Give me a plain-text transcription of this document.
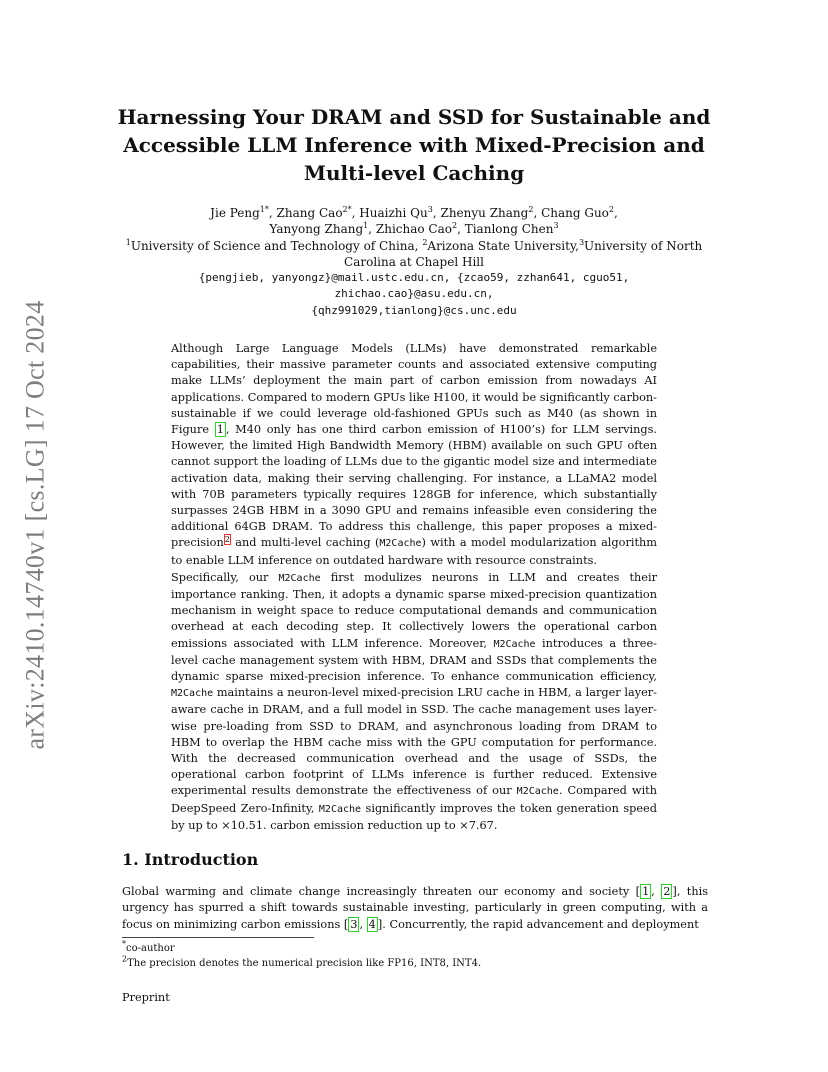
arXiv:2410.14740v1 [cs.LG] 17 Oct 2024
Harnessing Your DRAM and SSD for Sustainable and Accessible LLM Inference with Mixed-Precision and Multi-level Caching
Jie Peng$^{1*}$, Zhang Cao$^{2*}$, Huaizhi Qu$^3$, Zhenyu Zhang$^2$, Chang Guo$^2$,
Yanyong Zhang$^1$, Zhichao Cao$^2$, Tianlong Chen$^3$
$^1$University of Science and Technology of China, $^2$Arizona State University,$^3$University of North
Carolina at Chapel Hill
{pengjieb, yanyongz}@mail.ustc.edu.cn, {zcao59, zzhan641, cguo51,
zhichao.cao}@asu.edu.cn,
{qhz991029,tianlong}@cs.unc.edu

Although Large Language Models (LLMs) have demonstrated remarkable capabilities, their massive parameter counts and associated extensive computing make LLMs’ deployment the main part of carbon emission from nowadays AI applications. Compared to modern GPUs like H100, it would be significantly carbon-sustainable if we could leverage old-fashioned GPUs such as M40 (as shown in Figure 1 , M40 only has one third carbon emission of H100’s) for LLM servings. However, the limited High Bandwidth Memory (HBM) available on such GPU often cannot support the loading of LLMs due to the gigantic model size and intermediate activation data, making their serving challenging. For instance, a LLaMA2 model with 70B parameters typically requires 128GB for inference, which substantially surpasses 24GB HBM in a 3090 GPU and remains infeasible even considering the additional 64GB DRAM. To address this challenge, this paper proposes a mixed-precision$^2$ and multi-level caching (M2Cache) with a model modularization algorithm to enable LLM inference on outdated hardware with resource constraints.

Specifically, our M2Cache first modulizes neurons in LLM and creates their importance ranking. Then, it adopts a dynamic sparse mixed-precision quantization mechanism in weight space to reduce computational demands and communication overhead at each decoding step. It collectively lowers the operational carbon emissions associated with LLM inference. Moreover, M2Cache introduces a three-level cache management system with HBM, DRAM and SSDs that complements the dynamic sparse mixed-precision inference. To enhance communication efficiency, M2Cache maintains a neuron-level mixed-precision LRU cache in HBM, a larger layer-aware cache in DRAM, and a full model in SSD. The cache management uses layer-wise pre-loading from SSD to DRAM, and asynchronous loading from DRAM to HBM to overlap the HBM cache miss with the GPU computation for performance. With the decreased communication overhead and the usage of SSDs, the operational carbon footprint of LLMs inference is further reduced. Extensive experimental results demonstrate the effectiveness of our M2Cache. Compared with DeepSpeed Zero-Infinity, M2Cache significantly improves the token generation speed by up to ×10.51. carbon emission reduction up to ×7.67.

1. Introduction

Global warming and climate change increasingly threaten our economy and society [ 1 , 2 ], this urgency has spurred a shift towards sustainable investing, particularly in green computing, with a focus on minimizing carbon emissions [ 3 , 4 ]. Concurrently, the rapid advancement and deployment

*co-author
$^2$The precision denotes the numerical precision like FP16, INT8, INT4.
Preprint
